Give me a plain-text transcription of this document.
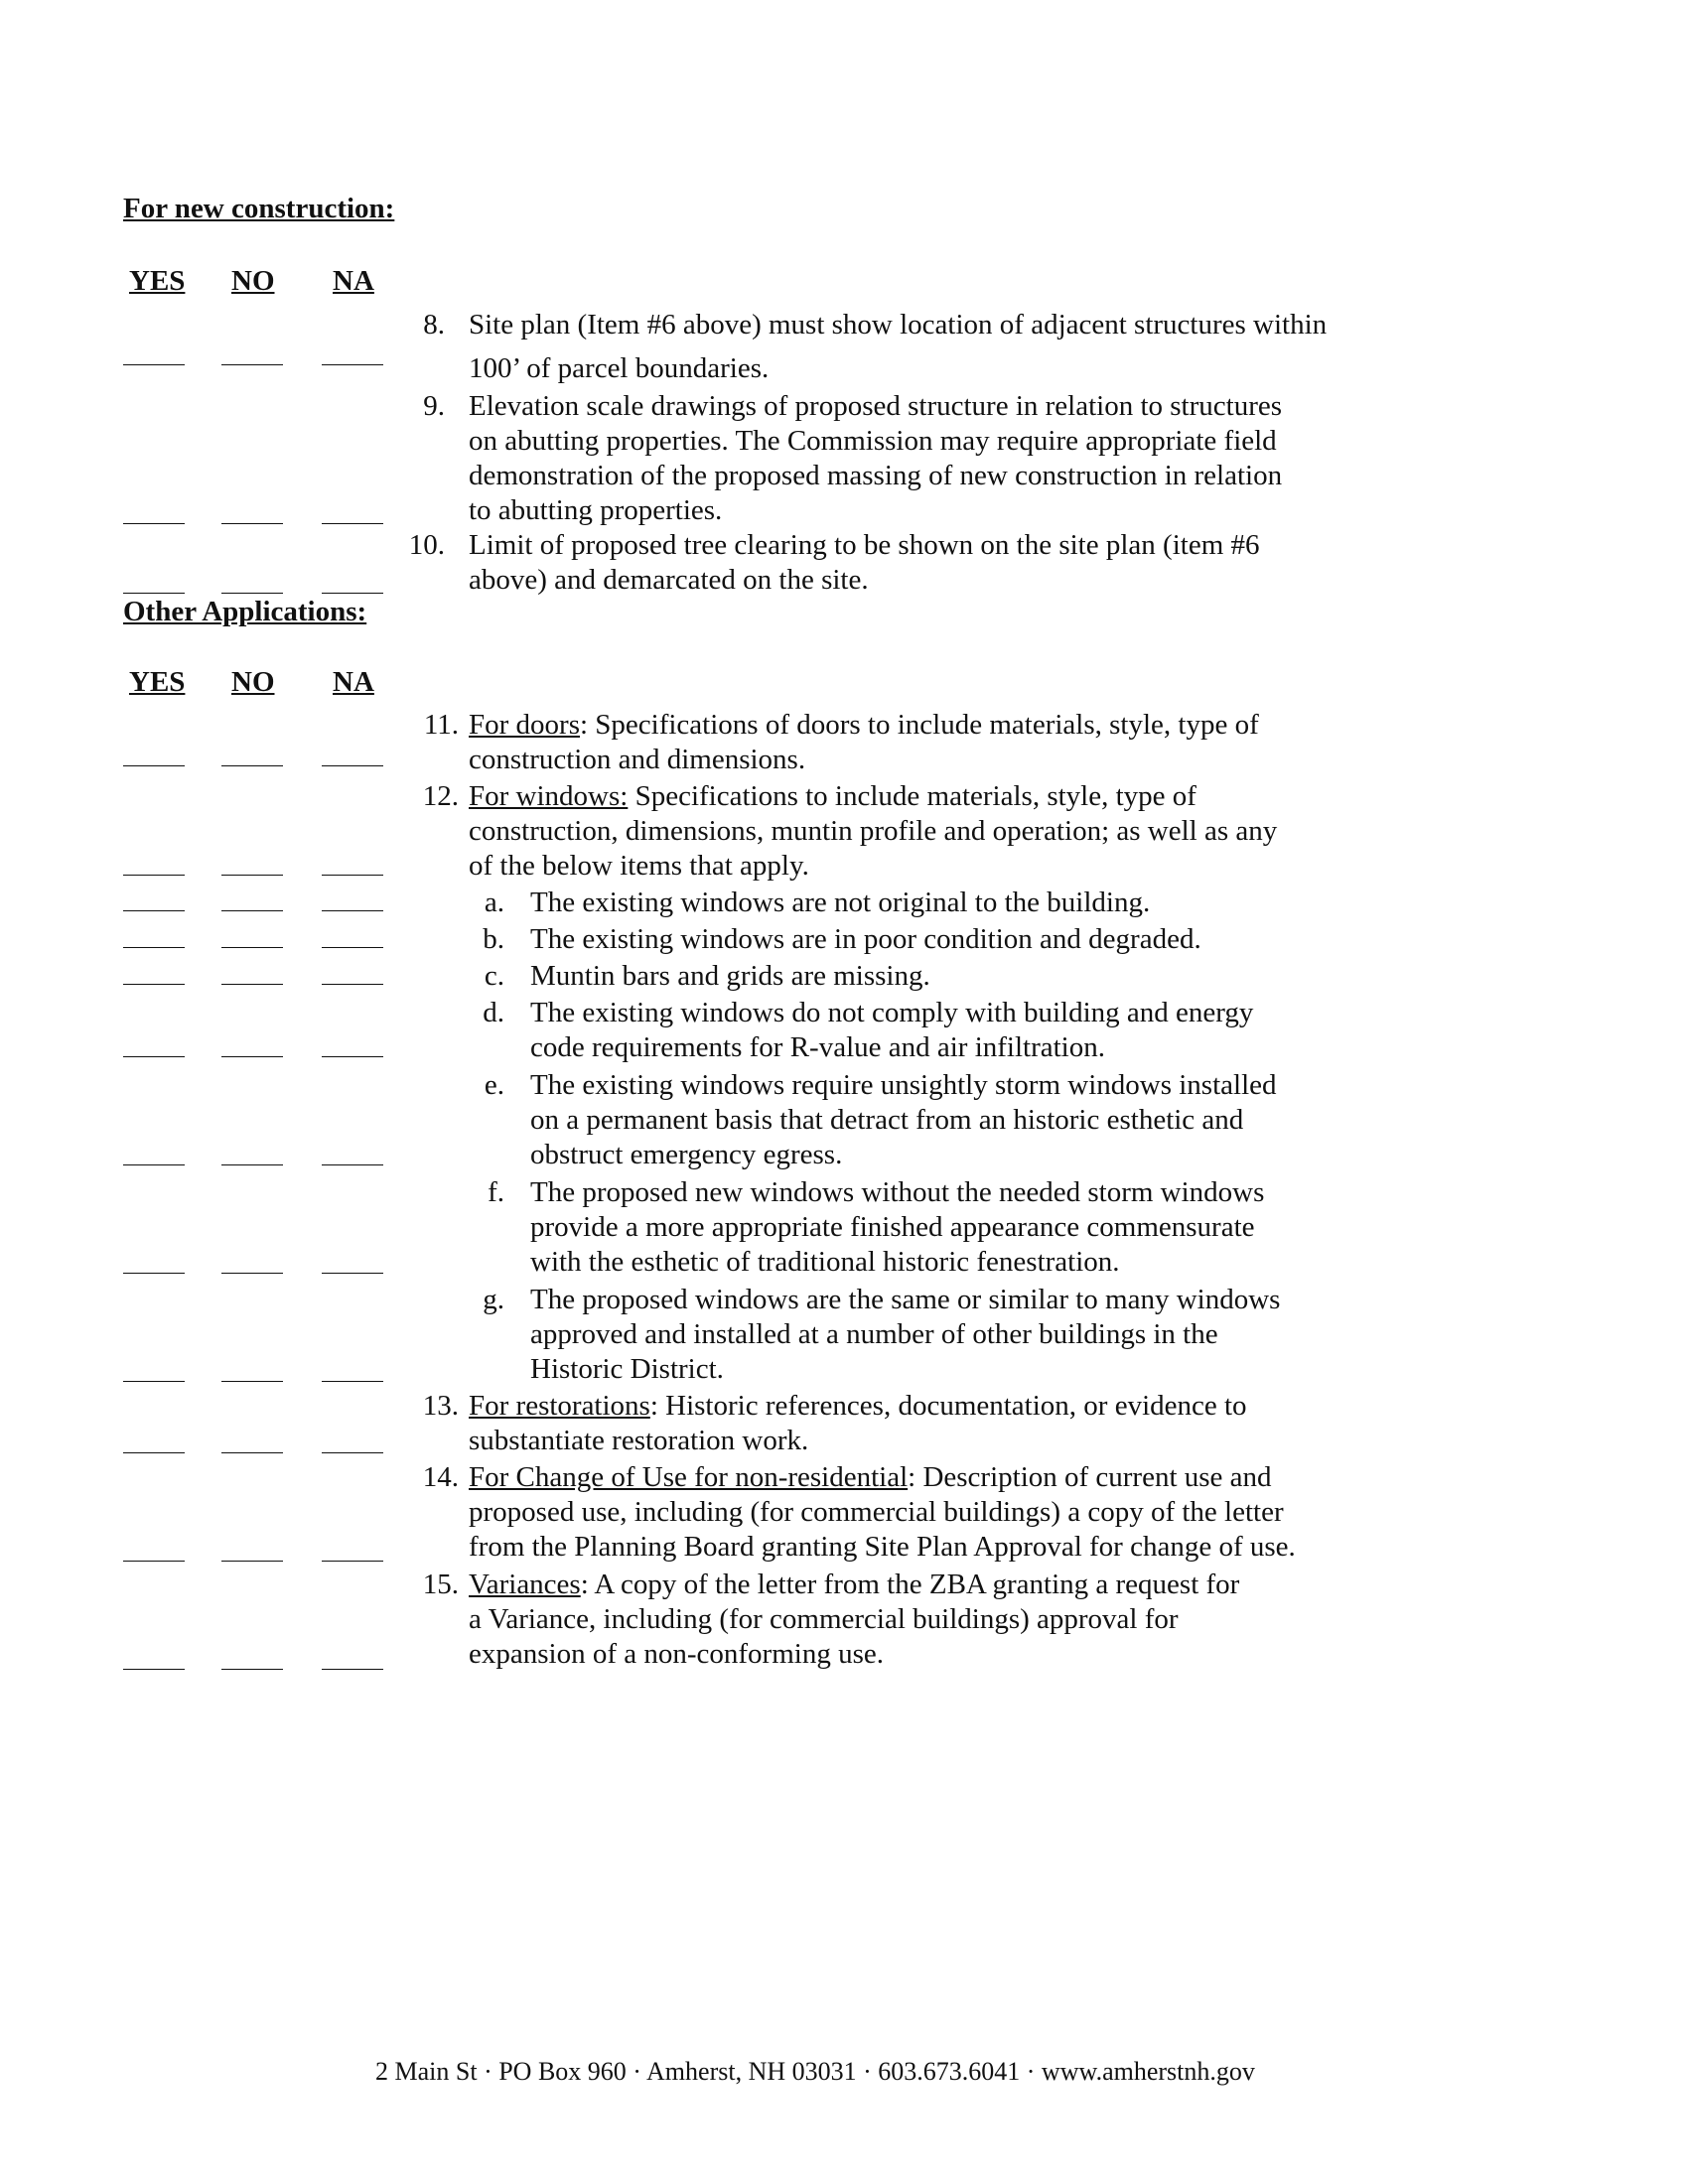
For new construction:
YES NO NA
8. Site plan (Item #6 above) must show location of adjacent structures within
100’ of parcel boundaries.
9. Elevation scale drawings of proposed structure in relation to structures
on abutting properties. The Commission may require appropriate field
demonstration of the proposed massing of new construction in relation
to abutting properties.
10. Limit of proposed tree clearing to be shown on the site plan (item #6
above) and demarcated on the site.
Other Applications:
YES NO NA
11. For doors: Specifications of doors to include materials, style, type of
construction and dimensions.
12. For windows: Specifications to include materials, style, type of
construction, dimensions, muntin profile and operation; as well as any
of the below items that apply.
a. The existing windows are not original to the building.
b. The existing windows are in poor condition and degraded.
c. Muntin bars and grids are missing.
d. The existing windows do not comply with building and energy
code requirements for R-value and air infiltration.
e. The existing windows require unsightly storm windows installed
on a permanent basis that detract from an historic esthetic and
obstruct emergency egress.
f. The proposed new windows without the needed storm windows
provide a more appropriate finished appearance commensurate
with the esthetic of traditional historic fenestration.
g. The proposed windows are the same or similar to many windows
approved and installed at a number of other buildings in the
Historic District.
13. For restorations: Historic references, documentation, or evidence to
substantiate restoration work.
14. For Change of Use for non-residential: Description of current use and
proposed use, including (for commercial buildings) a copy of the letter
from the Planning Board granting Site Plan Approval for change of use.
15. Variances: A copy of the letter from the ZBA granting a request for
a Variance, including (for commercial buildings) approval for
expansion of a non-conforming use.
2 Main St · PO Box 960 · Amherst, NH 03031 · 603.673.6041 · www.amherstnh.gov
